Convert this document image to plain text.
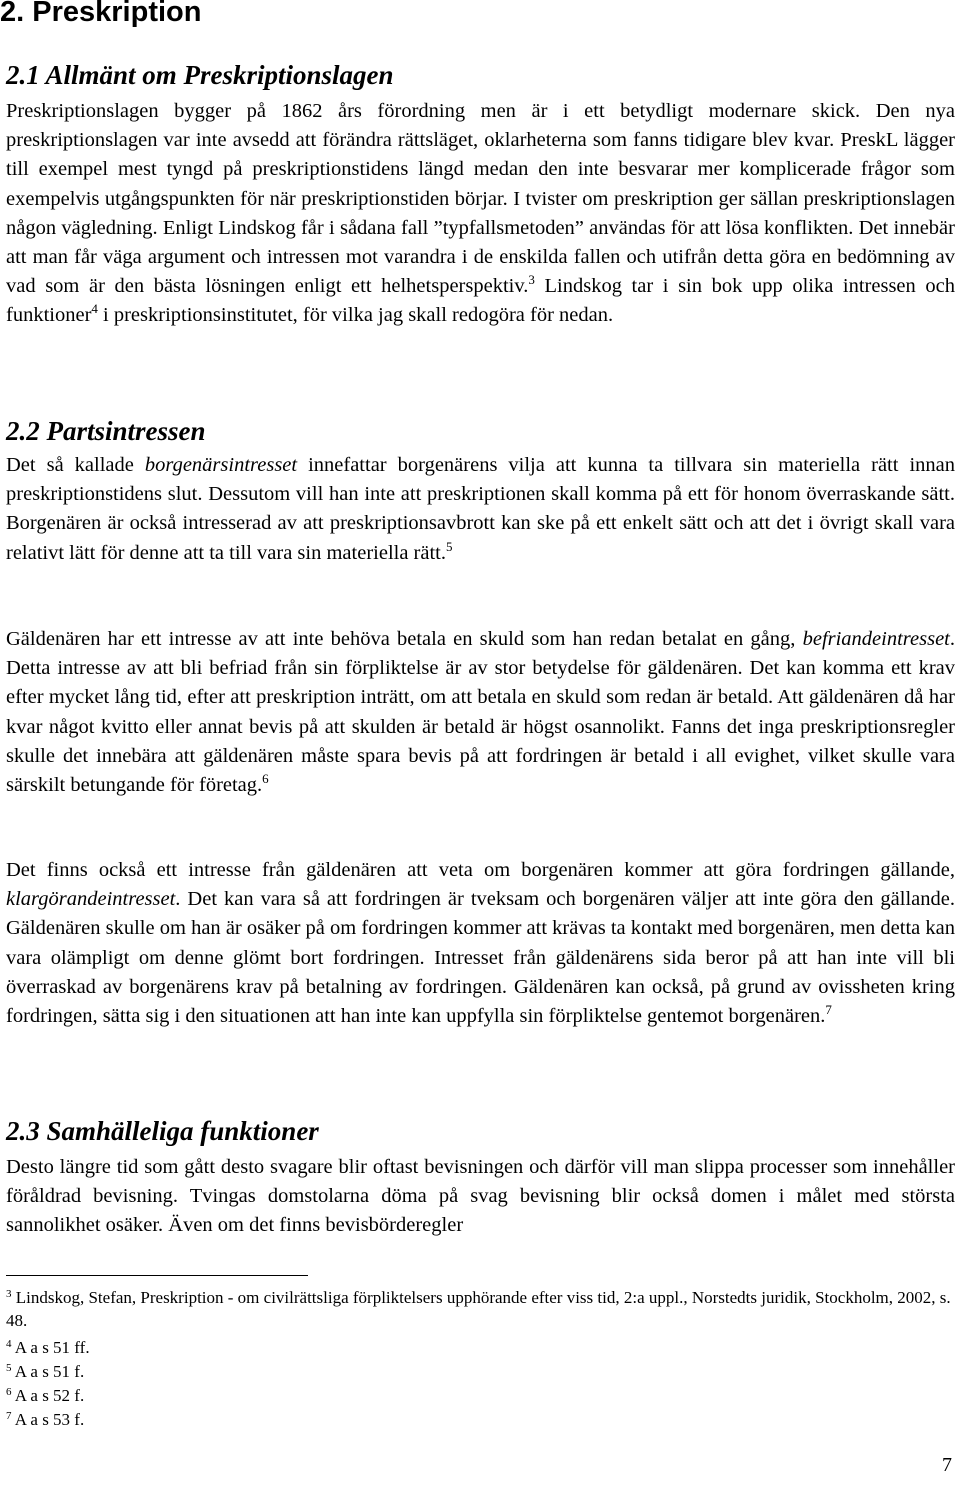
2. Preskription
2.1 Allmänt om Preskriptionslagen

Preskriptionslagen bygger på 1862 års förordning men är i ett betydligt modernare skick. Den nya preskriptionslagen var inte avsedd att förändra rättsläget, oklarheterna som fanns tidigare blev kvar. PreskL lägger till exempel mest tyngd på preskriptionstidens längd medan den inte besvarar mer komplicerade frågor som exempelvis utgångspunkten för när preskriptionstiden börjar. I tvister om preskription ger sällan preskriptionslagen någon vägledning. Enligt Lindskog får i sådana fall ”typfallsmetoden” användas för att lösa konflikten. Det innebär att man får väga argument och intressen mot varandra i de enskilda fallen och utifrån detta göra en bedömning av vad som är den bästa lösningen enligt ett helhetsperspektiv.$^3$ Lindskog tar i sin bok upp olika intressen och funktioner$^4$ i preskriptionsinstitutet, för vilka jag skall redogöra för nedan.

2.2 Partsintressen

Det så kallade borgenärsintresset innefattar borgenärens vilja att kunna ta tillvara sin materiella rätt innan preskriptionstidens slut. Dessutom vill han inte att preskriptionen skall komma på ett för honom överraskande sätt. Borgenären är också intresserad av att preskriptionsavbrott kan ske på ett enkelt sätt och att det i övrigt skall vara relativt lätt för denne att ta till vara sin materiella rätt.$^5$

Gäldenären har ett intresse av att inte behöva betala en skuld som han redan betalat en gång, befriandeintresset. Detta intresse av att bli befriad från sin förpliktelse är av stor betydelse för gäldenären. Det kan komma ett krav efter mycket lång tid, efter att preskription inträtt, om att betala en skuld som redan är betald. Att gäldenären då har kvar något kvitto eller annat bevis på att skulden är betald är högst osannolikt. Fanns det inga preskriptionsregler skulle det innebära att gäldenären måste spara bevis på att fordringen är betald i all evighet, vilket skulle vara särskilt betungande för företag.$^6$

Det finns också ett intresse från gäldenären att veta om borgenären kommer att göra fordringen gällande, klargörandeintresset. Det kan vara så att fordringen är tveksam och borgenären väljer att inte göra den gällande. Gäldenären skulle om han är osäker på om fordringen kommer att krävas ta kontakt med borgenären, men detta kan vara olämpligt om denne glömt bort fordringen. Intresset från gäldenärens sida beror på att han inte vill bli överraskad av borgenärens krav på betalning av fordringen. Gäldenären kan också, på grund av ovissheten kring fordringen, sätta sig i den situationen att han inte kan uppfylla sin förpliktelse gentemot borgenären.$^7$

2.3 Samhälleliga funktioner

Desto längre tid som gått desto svagare blir oftast bevisningen och därför vill man slippa processer som innehåller föråldrad bevisning. Tvingas domstolarna döma på svag bevisning blir också domen i målet med största sannolikhet osäker. Även om det finns bevisbörderegler

$^3$ Lindskog, Stefan, Preskription - om civilrättsliga förpliktelsers upphörande efter viss tid, 2:a uppl., Norstedts juridik, Stockholm, 2002, s. 48.

$^4$ A a s 51 ff.

$^5$ A a s 51 f.

$^6$ A a s 52 f.

$^7$ A a s 53 f.

7
